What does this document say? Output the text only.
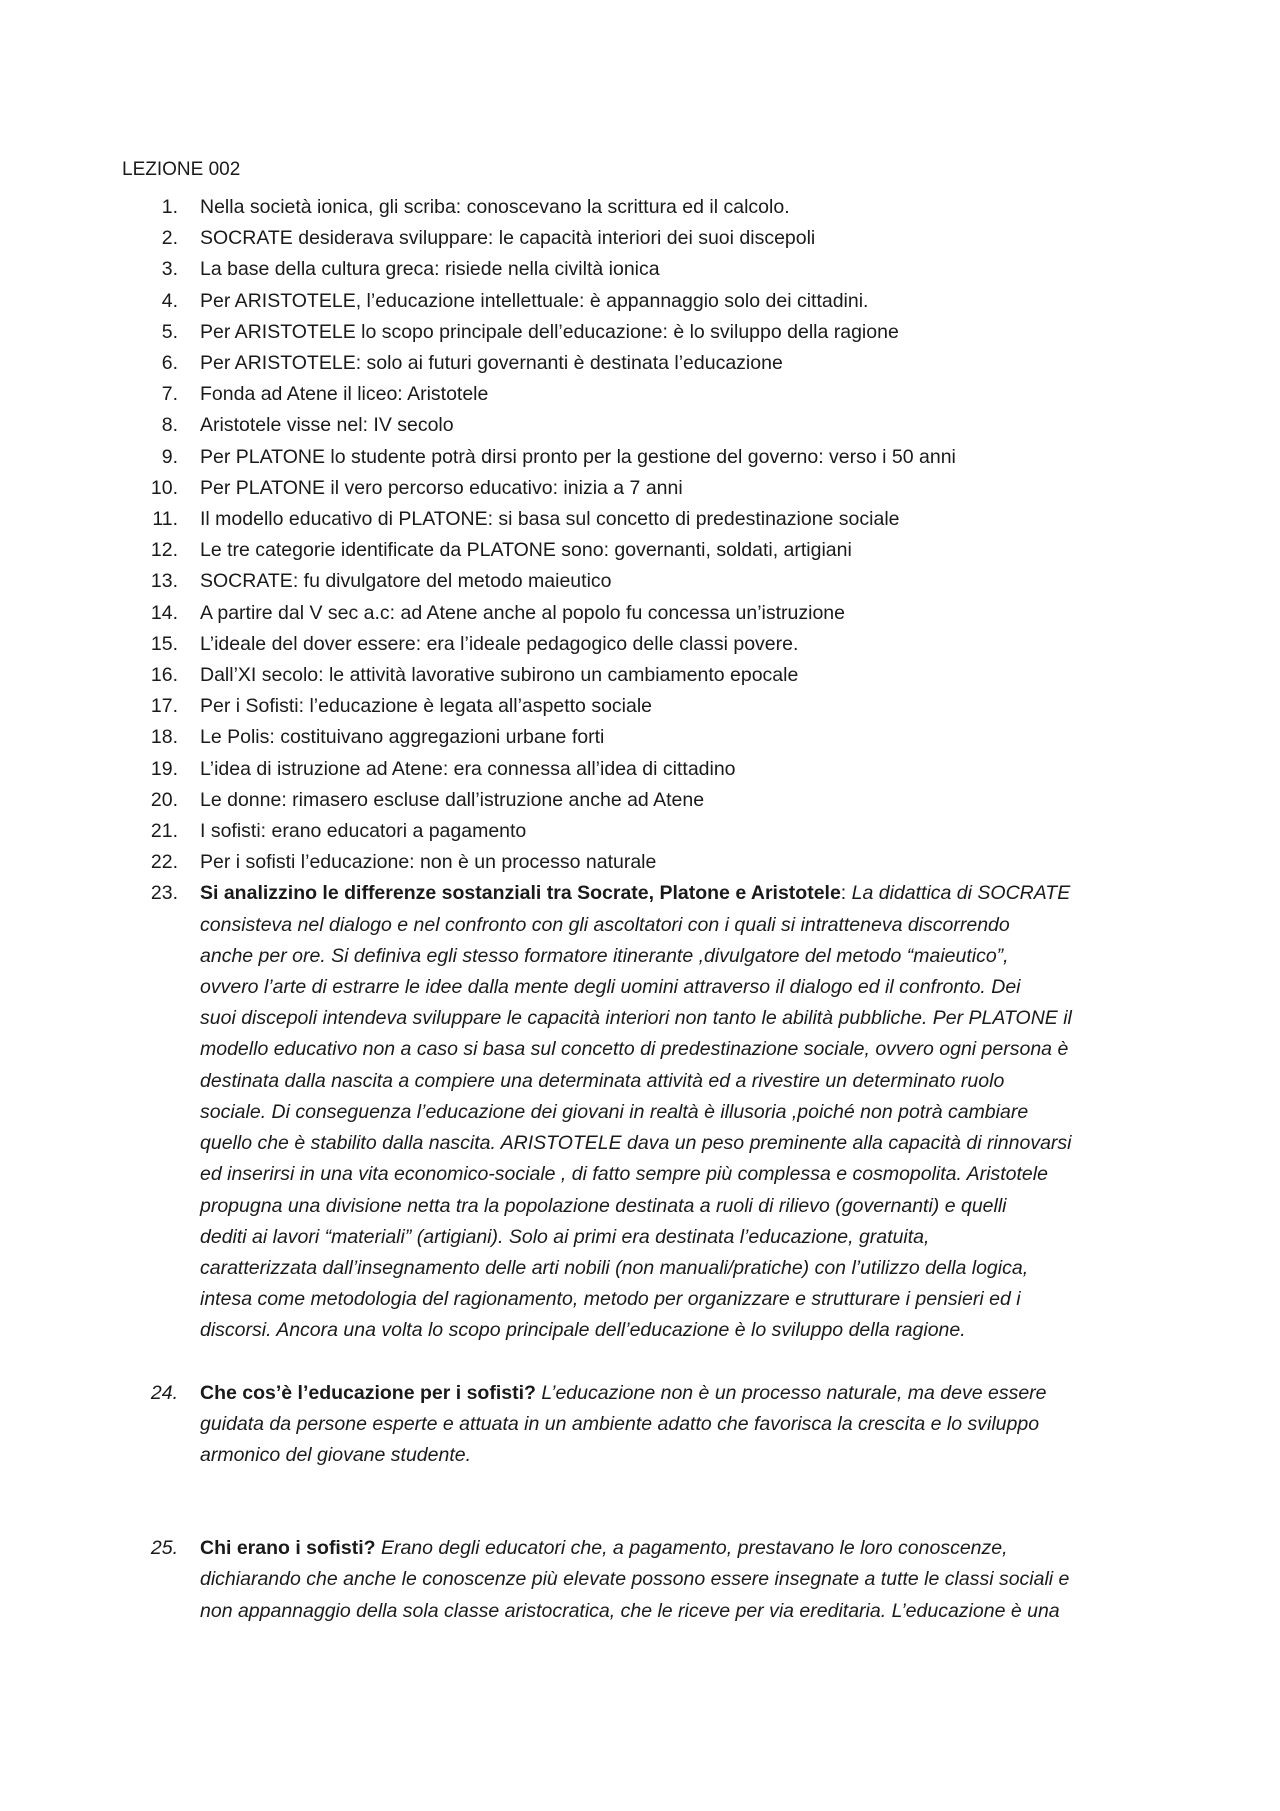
LEZIONE 002
1.	Nella società ionica, gli scriba: conoscevano la scrittura ed il calcolo.
2.	SOCRATE desiderava sviluppare: le capacità interiori dei suoi discepoli
3.	La base della cultura greca: risiede nella civiltà ionica
4.	Per ARISTOTELE, l’educazione intellettuale: è appannaggio solo dei cittadini.
5.	Per ARISTOTELE lo scopo principale dell’educazione: è lo sviluppo della ragione
6.	Per ARISTOTELE: solo ai futuri governanti è destinata l’educazione
7.	Fonda ad Atene il liceo: Aristotele
8.	Aristotele visse nel: IV secolo
9.	Per PLATONE lo studente potrà dirsi pronto per la gestione del governo: verso i 50 anni
10.	Per PLATONE il vero percorso educativo: inizia a 7 anni
11.	Il modello educativo di PLATONE: si basa sul concetto di predestinazione sociale
12.	Le tre categorie identificate da PLATONE sono: governanti, soldati, artigiani
13.	SOCRATE: fu divulgatore del metodo maieutico
14.	A partire dal V sec a.c: ad Atene anche al popolo fu concessa un’istruzione
15.	L’ideale del dover essere: era l’ideale pedagogico delle classi povere.
16.	Dall’XI secolo: le attività lavorative subirono un cambiamento epocale
17.	Per i Sofisti: l’educazione è legata all’aspetto sociale
18.	Le Polis: costituivano aggregazioni urbane forti
19.	L’idea di istruzione ad Atene: era connessa all’idea di cittadino
20.	Le donne: rimasero escluse dall’istruzione anche ad Atene
21.	I sofisti: erano educatori a pagamento
22.	Per i sofisti l’educazione: non è un processo naturale
23.	Si analizzino le differenze sostanziali tra Socrate, Platone e Aristotele: La didattica di SOCRATE
consisteva nel dialogo e nel confronto con gli ascoltatori con i quali si intratteneva discorrendo
anche per ore. Si definiva egli stesso formatore itinerante ,divulgatore del metodo “maieutico”,
ovvero l’arte di estrarre le idee dalla mente degli uomini attraverso il dialogo ed il confronto. Dei
suoi discepoli intendeva sviluppare le capacità interiori non tanto le abilità pubbliche. Per PLATONE il
modello educativo non a caso si basa sul concetto di predestinazione sociale, ovvero ogni persona è
destinata dalla nascita a compiere una determinata attività ed a rivestire un determinato ruolo
sociale. Di conseguenza l’educazione dei giovani in realtà è illusoria ,poiché non potrà cambiare
quello che è stabilito dalla nascita. ARISTOTELE dava un peso preminente alla capacità di rinnovarsi
ed inserirsi in una vita economico-sociale , di fatto sempre più complessa e cosmopolita. Aristotele
propugna una divisione netta tra la popolazione destinata a ruoli di rilievo (governanti) e quelli
dediti ai lavori “materiali” (artigiani). Solo ai primi era destinata l’educazione, gratuita,
caratterizzata dall’insegnamento delle arti nobili (non manuali/pratiche) con l’utilizzo della logica,
intesa come metodologia del ragionamento, metodo per organizzare e strutturare i pensieri ed i
discorsi. Ancora una volta lo scopo principale dell’educazione è lo sviluppo della ragione.
24.	Che cos’è l’educazione per i sofisti? L’educazione non è un processo naturale, ma deve essere
guidata da persone esperte e attuata in un ambiente adatto che favorisca la crescita e lo sviluppo
armonico del giovane studente.
25.	Chi erano i sofisti? Erano degli educatori che, a pagamento, prestavano le loro conoscenze,
dichiarando che anche le conoscenze più elevate possono essere insegnate a tutte le classi sociali e
non appannaggio della sola classe aristocratica, che le riceve per via ereditaria. L’educazione è una
